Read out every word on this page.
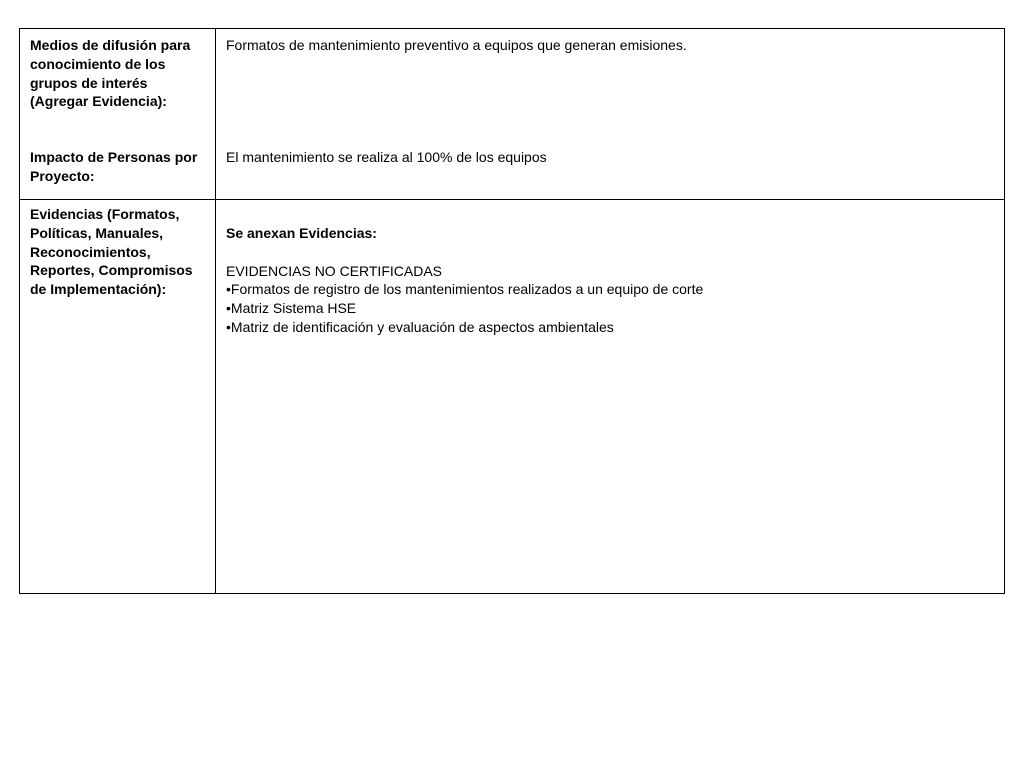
Medios de difusión para conocimiento de los grupos de interés (Agregar Evidencia):
Impacto de Personas por Proyecto:
Formatos de mantenimiento preventivo a equipos que generan emisiones.
El mantenimiento se realiza al 100% de los equipos
Evidencias (Formatos, Políticas, Manuales, Reconocimientos, Reportes, Compromisos de Implementación):
Se anexan Evidencias:
EVIDENCIAS NO CERTIFICADAS
•Formatos de registro de los mantenimientos realizados a un equipo de corte
•Matriz Sistema HSE
•Matriz de identificación y evaluación de aspectos ambientales
